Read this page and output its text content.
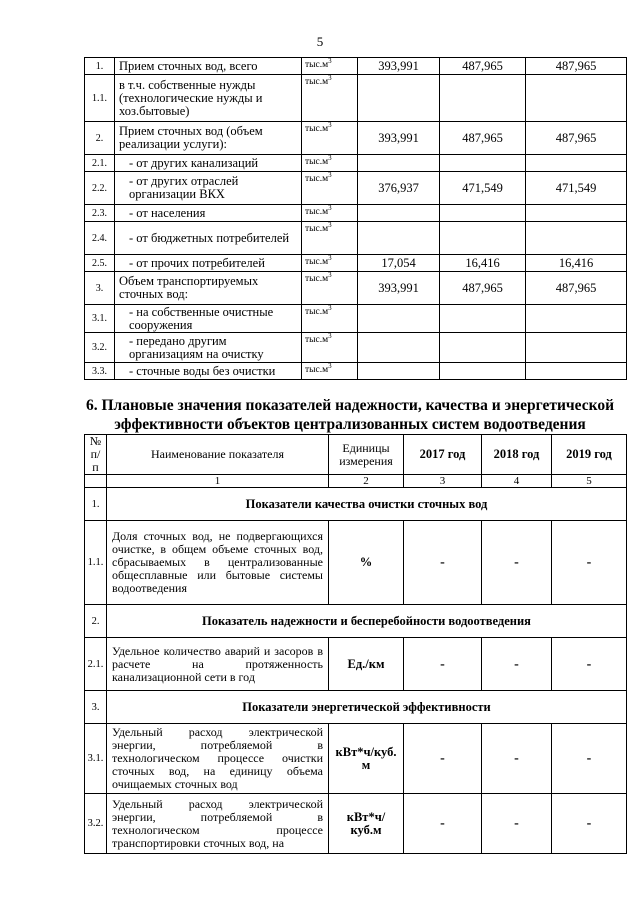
5
1.	Прием сточных вод, всего	$тыс.м^3$	393,991	487,965	487,965
1.1.	в т.ч. собственные нужды (технологические нужды и хоз.бытовые)	$тыс.м^3$			
2.	Прием сточных вод (объем реализации услуги):	$тыс.м^3$	393,991	487,965	487,965
2.1.	- от других канализаций	$тыс.м^3$			
2.2.	- от других отраслей организации ВКХ	$тыс.м^3$	376,937	471,549	471,549
2.3.	- от населения	$тыс.м^3$			
2.4.	- от бюджетных потребителей	$тыс.м^3$			
2.5.	- от прочих потребителей	$тыс.м^3$	17,054	16,416	16,416
3.	Объем транспортируемых сточных вод:	$тыс.м^3$	393,991	487,965	487,965
3.1.	- на собственные очистные сооружения	$тыс.м^3$			
3.2.	- передано другим организациям на очистку	$тыс.м^3$			
3.3.	- сточные воды без очистки	$тыс.м^3$			
6. Плановые значения показателей надежности, качества и энергетической
эффективности объектов централизованных систем водоотведения
№ п/п	Наименование показателя	Единицы измерения	2017 год	2018 год	2019 год
	1	2	3	4	5
1.	Показатели качества очистки сточных вод				
1.1.	Доля сточных вод, не подвергающихся очистке, в общем объеме сточных вод, сбрасываемых в централизованные общесплавные или бытовые системы водоотведения	%	-	-	-
2.	Показатель надежности и бесперебойности водоотведения				
2.1.	Удельное количество аварий и засоров в расчете на протяженность канализационной сети в год	Ед./км	-	-	-
3.	Показатели энергетической эффективности				
3.1.	Удельный расход электрической энергии, потребляемой в технологическом процессе очистки сточных вод, на единицу объема очищаемых сточных вод	кВт*ч/куб. м	-	-	-
3.2.	Удельный расход электрической энергии, потребляемой в технологическом процессе транспортировки сточных вод, на	кВт*ч/куб.м	-	-	-
